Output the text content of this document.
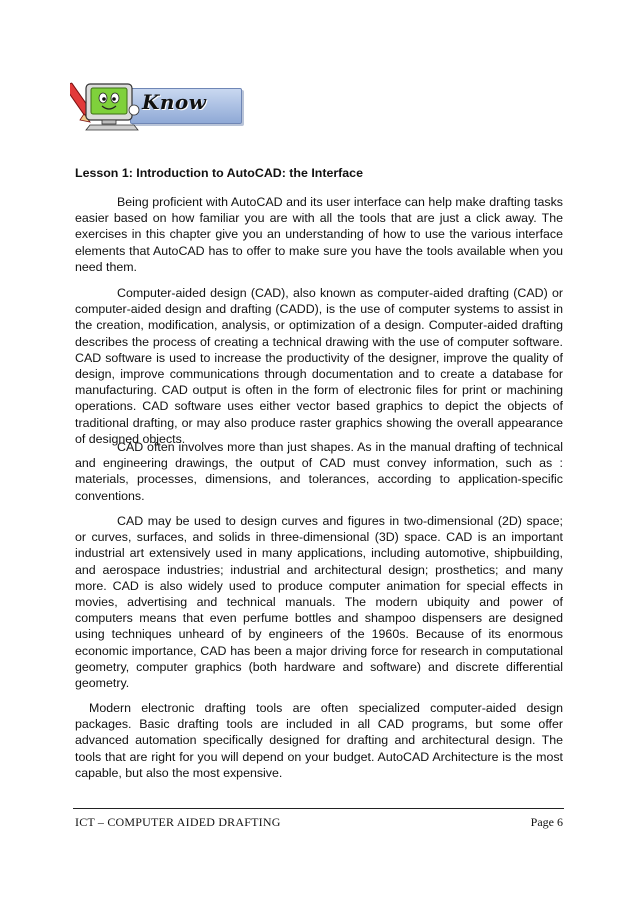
Know
Lesson 1: Introduction to AutoCAD: the Interface

Being proficient with AutoCAD and its user interface can help make drafting tasks easier based on how familiar you are with all the tools that are just a click away. The exercises in this chapter give you an understanding of how to use the various interface elements that AutoCAD has to offer to make sure you have the tools available when you need them.

Computer-aided design (CAD), also known as computer-aided drafting (CAD) or computer-aided design and drafting (CADD), is the use of computer systems to assist in the creation, modification, analysis, or optimization of a design. Computer-aided drafting describes the process of creating a technical drawing with the use of computer software. CAD software is used to increase the productivity of the designer, improve the quality of design, improve communications through documentation and to create a database for manufacturing. CAD output is often in the form of electronic files for print or machining operations. CAD software uses either vector based graphics to depict the objects of traditional drafting, or may also produce raster graphics showing the overall appearance of designed objects.

CAD often involves more than just shapes. As in the manual drafting of technical and engineering drawings, the output of CAD must convey information, such as : materials, processes, dimensions, and tolerances, according to application-specific conventions.

CAD may be used to design curves and figures in two-dimensional (2D) space; or curves, surfaces, and solids in three-dimensional (3D) space. CAD is an important industrial art extensively used in many applications, including automotive, shipbuilding, and aerospace industries; industrial and architectural design; prosthetics; and many more. CAD is also widely used to produce computer animation for special effects in movies, advertising and technical manuals. The modern ubiquity and power of computers means that even perfume bottles and shampoo dispensers are designed using techniques unheard of by engineers of the 1960s. Because of its enormous economic importance, CAD has been a major driving force for research in computational geometry, computer graphics (both hardware and software) and discrete differential geometry.

Modern electronic drafting tools are often specialized computer-aided design packages. Basic drafting tools are included in all CAD programs, but some offer advanced automation specifically designed for drafting and architectural design. The tools that are right for you will depend on your budget. AutoCAD Architecture is the most capable, but also the most expensive.

ICT – COMPUTER AIDED DRAFTING	Page 6
